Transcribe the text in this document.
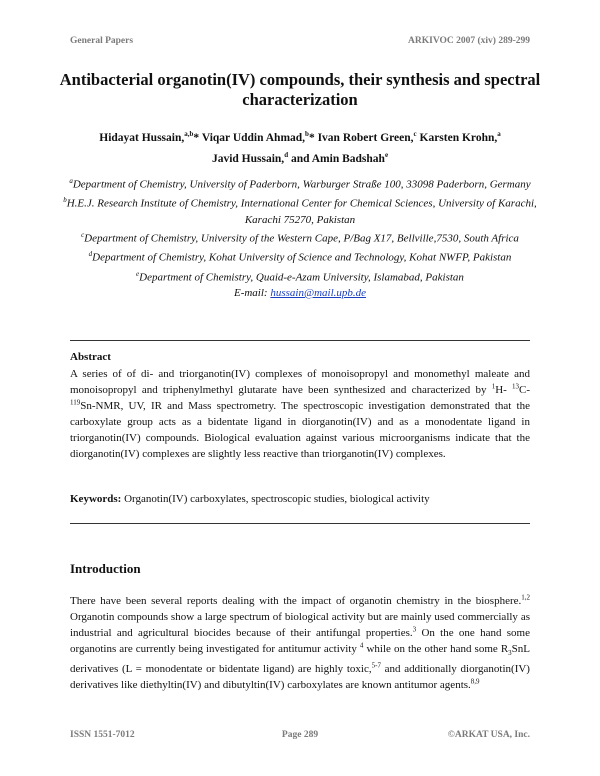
General Papers	ARKIVOC 2007 (xiv) 289-299
Antibacterial organotin(IV) compounds, their synthesis and spectral characterization
Hidayat Hussain,$^{a,b}$* Viqar Uddin Ahmad,$^b$* Ivan Robert Green,$^c$ Karsten Krohn,$^a$
Javid Hussain,$^d$ and Amin Badshah$^e$
$^a$Department of Chemistry, University of Paderborn, Warburger Straße 100, 33098 Paderborn, Germany
$^b$H.E.J. Research Institute of Chemistry, International Center for Chemical Sciences, University of Karachi, Karachi 75270, Pakistan
$^c$Department of Chemistry, University of the Western Cape, P/Bag X17, Bellville,7530, South Africa
$^d$Department of Chemistry, Kohat University of Science and Technology, Kohat NWFP, Pakistan
$^e$Department of Chemistry, Quaid-e-Azam University, Islamabad, Pakistan
E-mail: hussain@mail.upb.de
Abstract
A series of of di- and triorganotin(IV) complexes of monoisopropyl and monomethyl maleate and monoisopropyl and triphenylmethyl glutarate have been synthesized and characterized by $^1$H- $^{13}$C- $^{119}$Sn-NMR, UV, IR and Mass spectrometry. The spectroscopic investigation demonstrated that the carboxylate group acts as a bidentate ligand in diorganotin(IV) and as a monodentate ligand in triorganotin(IV) compounds. Biological evaluation against various microorganisms indicate that the diorganotin(IV) complexes are slightly less reactive than triorganotin(IV) complexes.
Keywords: Organotin(IV) carboxylates, spectroscopic studies, biological activity
Introduction
There have been several reports dealing with the impact of organotin chemistry in the biosphere.$^{1,2}$ Organotin compounds show a large spectrum of biological activity but are mainly used commercially as industrial and agricultural biocides because of their antifungal properties.$^3$ On the one hand some organotins are currently being investigated for antitumur activity $^4$ while on the other hand some $R_3SnL$ derivatives (L = monodentate or bidentate ligand) are highly toxic,$^{5-7}$ and additionally diorganotin(IV) derivatives like diethyltin(IV) and dibutyltin(IV) carboxylates are known antitumor agents.$^{8,9}$
ISSN 1551-7012	Page 289	©ARKAT USA, Inc.
